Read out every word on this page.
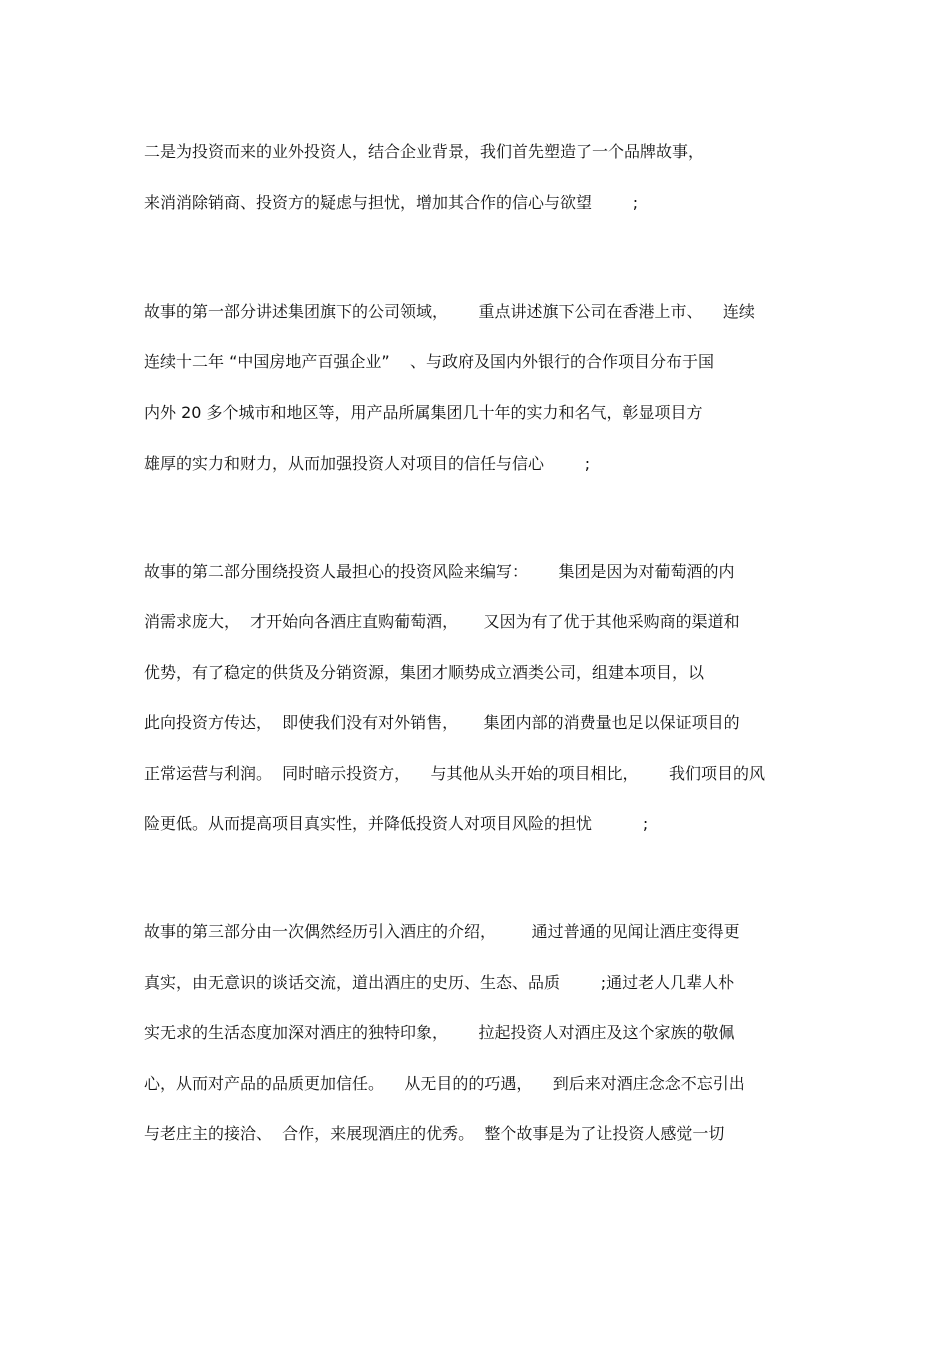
二是为投资而来的业外投资人，结合企业背景，我们首先塑造了一个品牌故事，
来消消除销商、投资方的疑虑与担忧，增加其合作的信心与欲望        ;
故事的第一部分讲述集团旗下的公司领域，      重点讲述旗下公司在香港上市、    连续
连续十二年 “中国房地产百强企业”    、与政府及国内外银行的合作项目分布于国
内外 20 多个城市和地区等，用产品所属集团几十年的实力和名气，彰显项目方
雄厚的实力和财力，从而加强投资人对项目的信任与信心        ;
故事的第二部分围绕投资人最担心的投资风险来编写：      集团是因为对葡萄酒的内
消需求庞大，  才开始向各酒庄直购葡萄酒，     又因为有了优于其他采购商的渠道和
优势，有了稳定的供货及分销资源，集团才顺势成立酒类公司，组建本项目，以
此向投资方传达，  即使我们没有对外销售，     集团内部的消费量也足以保证项目的
正常运营与利润。  同时暗示投资方，    与其他从头开始的项目相比，      我们项目的风
险更低。从而提高项目真实性，并降低投资人对项目风险的担忧          ;
故事的第三部分由一次偶然经历引入酒庄的介绍，       通过普通的见闻让酒庄变得更
真实，由无意识的谈话交流，道出酒庄的史历、生态、品质        ;通过老人几辈人朴
实无求的生活态度加深对酒庄的独特印象，      拉起投资人对酒庄及这个家族的敬佩
心，从而对产品的品质更加信任。    从无目的的巧遇，    到后来对酒庄念念不忘引出
与老庄主的接洽、  合作，来展现酒庄的优秀。  整个故事是为了让投资人感觉一切
